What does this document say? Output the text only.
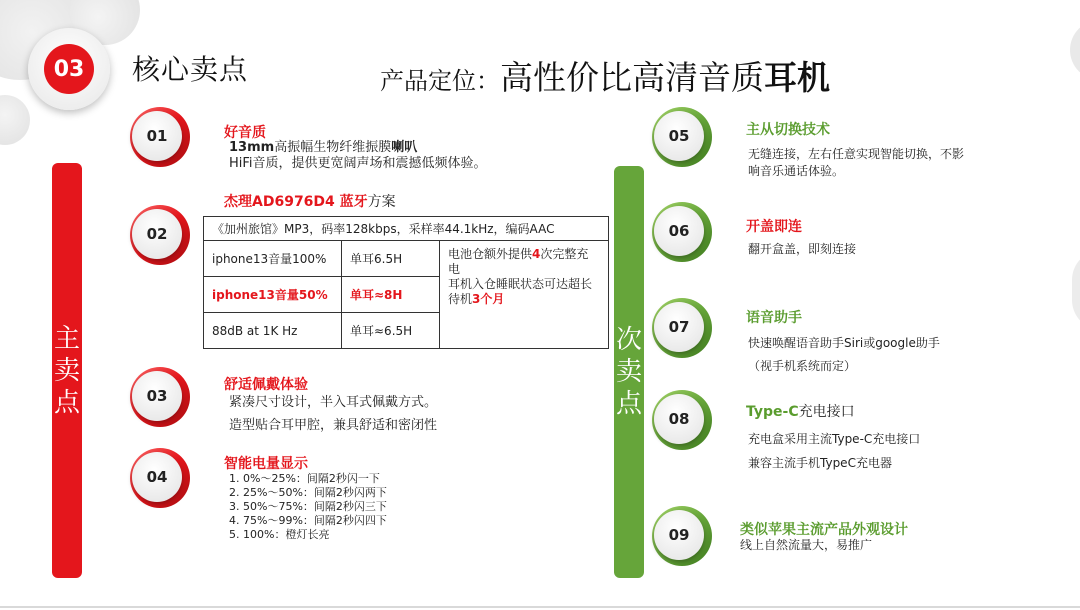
03	核心卖点	产品定位：高性价比高清音质耳机
主卖点
次卖点
01	好音质
13mm高振幅生物纤维振膜喇叭
HiFi音质，提供更宽阔声场和震撼低频体验。
02
杰理AD6976D4 蓝牙方案
《加州旅馆》MP3，码率128kbps，采样率44.1kHz，编码AAC		
iphone13音量100%	单耳6.5H	电池仓额外提供4次完整充电
耳机入仓睡眠状态可达超长待机3个月
iphone13音量50%	单耳≈8H	
88dB at 1K Hz	单耳≈6.5H	
03
舒适佩戴体验
紧凑尺寸设计，半入耳式佩戴方式。
造型贴合耳甲腔，兼具舒适和密闭性
04
智能电量显示
1. 0%～25%：间隔2秒闪一下
2. 25%～50%：间隔2秒闪两下
3. 50%～75%：间隔2秒闪三下
4. 75%～99%：间隔2秒闪四下
5. 100%：橙灯长亮
05	主从切换技术
无缝连接，左右任意实现智能切换，不影
响音乐通话体验。
06	开盖即连
翻开盒盖，即刻连接
07	语音助手
快速唤醒语音助手Siri或google助手
（视手机系统而定）
08	Type-C充电接口
充电盒采用主流Type-C充电接口
兼容主流手机TypeC充电器
09	类似苹果主流产品外观设计
线上自然流量大，易推广
